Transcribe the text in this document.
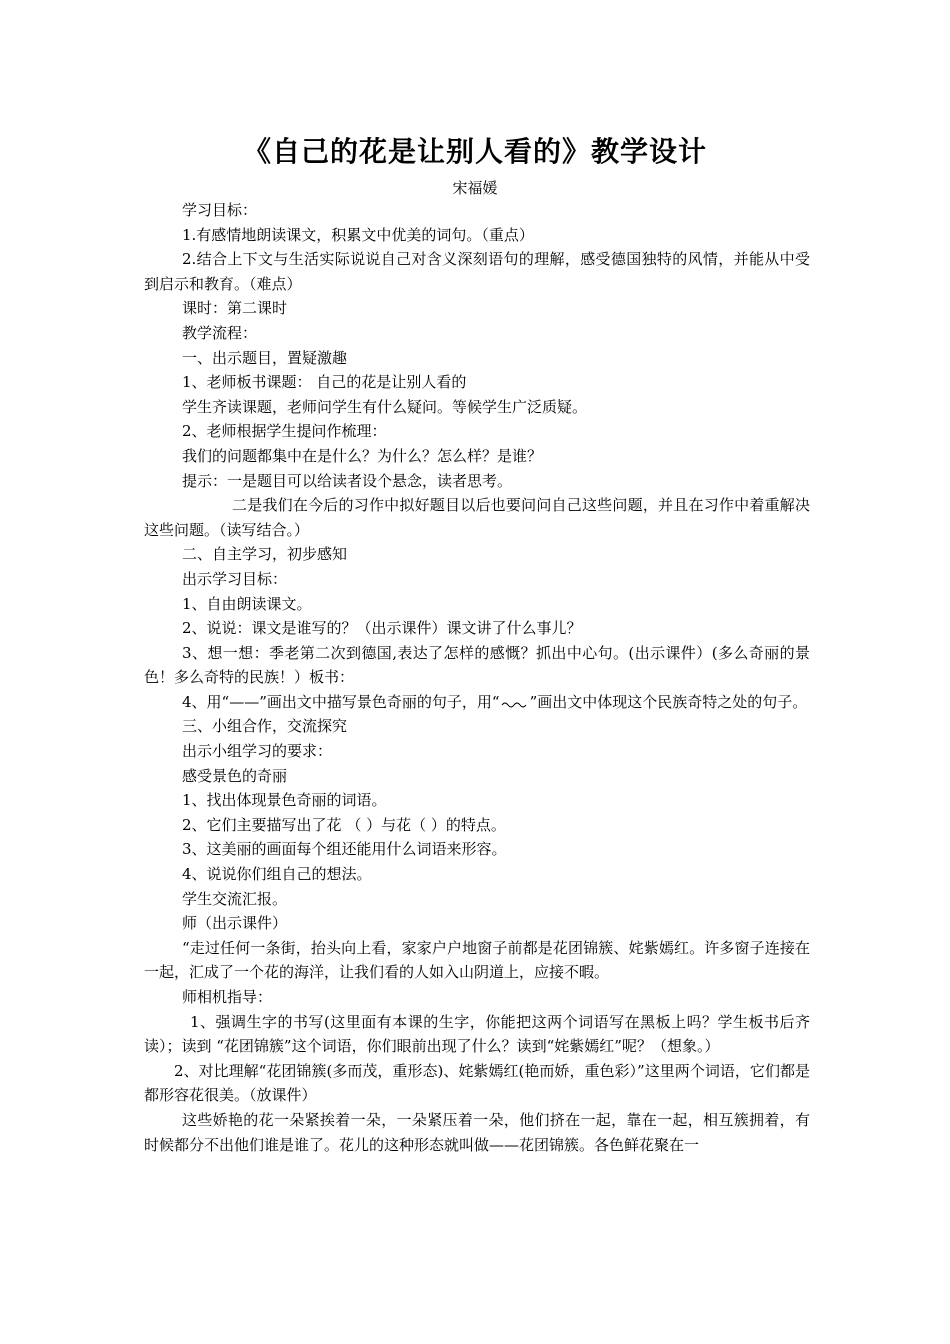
《自己的花是让别人看的》教学设计
宋福媛

学习目标：

1.有感情地朗读课文，积累文中优美的词句。（重点）

2.结合上下文与生活实际说说自己对含义深刻语句的理解，感受德国独特的风情，并能从中受到启示和教育。（难点）

课时：第二课时

教学流程：

一、出示题目，置疑激趣

1、老师板书课题： 自己的花是让别人看的

学生齐读课题，老师问学生有什么疑问。等候学生广泛质疑。

2、老师根据学生提问作梳理：

我们的问题都集中在是什么？为什么？怎么样？是谁？

提示：一是题目可以给读者设个悬念，读者思考。

二是我们在今后的习作中拟好题目以后也要问问自己这些问题，并且在习作中着重解决这些问题。（读写结合。）

二、自主学习，初步感知

出示学习目标：

1、自由朗读课文。

2、说说：课文是谁写的？（出示课件）课文讲了什么事儿？

3、想一想：季老第二次到德国,表达了怎样的感慨？抓出中心句。(出示课件）(多么奇丽的景色！多么奇特的民族！）板书：

4、用“——”画出文中描写景色奇丽的句子，用“ ”画出文中体现这个民族奇特之处的句子。

三、小组合作，交流探究

出示小组学习的要求：

感受景色的奇丽

1、找出体现景色奇丽的词语。

2、它们主要描写出了花 （ ）与花（ ）的特点。

3、这美丽的画面每个组还能用什么词语来形容。

4、说说你们组自己的想法。

学生交流汇报。

师（出示课件）

“走过任何一条街，抬头向上看，家家户户地窗子前都是花团锦簇、姹紫嫣红。许多窗子连接在一起，汇成了一个花的海洋，让我们看的人如入山阴道上，应接不暇。

师相机指导：

1、强调生字的书写(这里面有本课的生字，你能把这两个词语写在黑板上吗？学生板书后齐读）；读到 “花团锦簇”这个词语，你们眼前出现了什么？读到“姹紫嫣红”呢？（想象。）

2、对比理解“花团锦簇(多而茂，重形态)、姹紫嫣红(艳而娇，重色彩）”这里两个词语，它们都是都形容花很美。（放课件）

这些娇艳的花一朵紧挨着一朵，一朵紧压着一朵，他们挤在一起，靠在一起，相互簇拥着，有时候都分不出他们谁是谁了。花儿的这种形态就叫做——花团锦簇。各色鲜花聚在一
